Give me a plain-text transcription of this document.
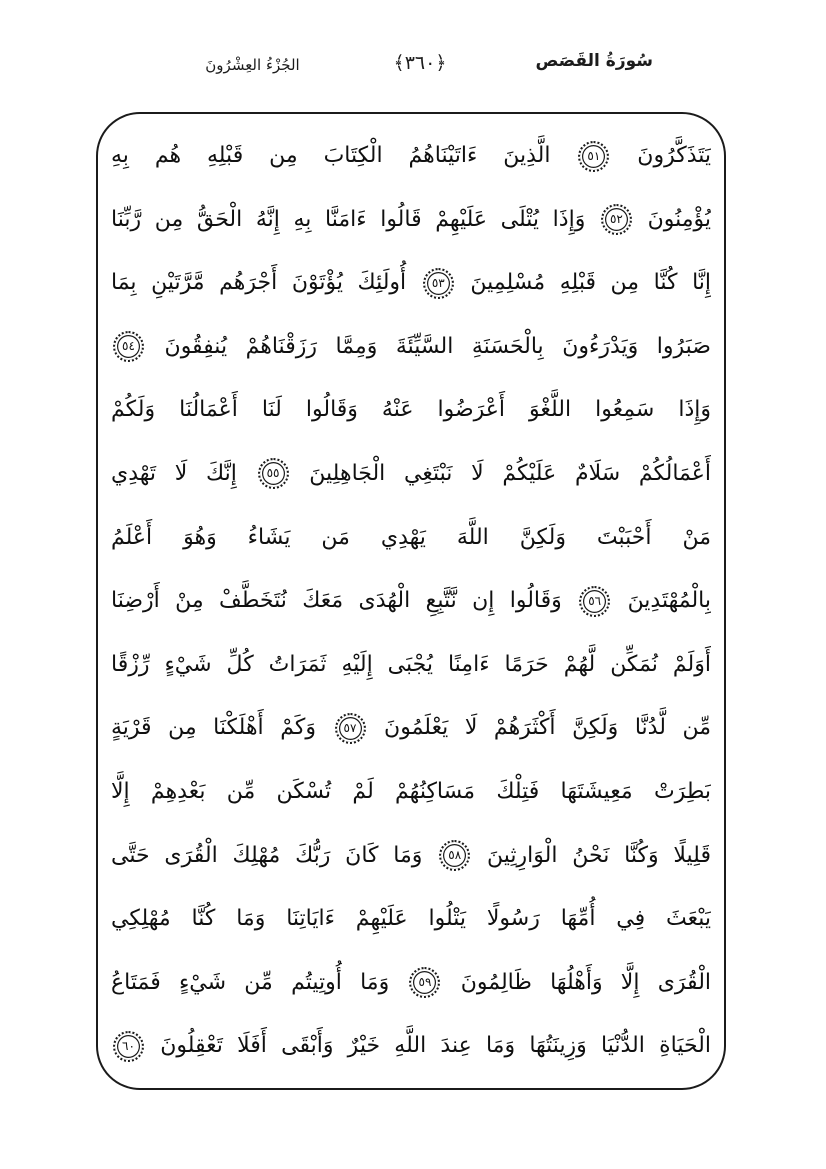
الجُزْءُ العِشْرُونَ	﴿٣٦٠﴾	سُورَةُ القَصَص
يَتَذَكَّرُونَ
٥١
الَّذِينَ ءَاتَيْنَاهُمُ الْكِتَابَ مِن قَبْلِهِ هُم بِهِ
يُؤْمِنُونَ
٥٢
وَإِذَا يُتْلَى عَلَيْهِمْ قَالُوا ءَامَنَّا بِهِ إِنَّهُ الْحَقُّ مِن رَّبِّنَا
إِنَّا كُنَّا مِن قَبْلِهِ مُسْلِمِينَ
٥٣
أُولَئِكَ يُؤْتَوْنَ أَجْرَهُم مَّرَّتَيْنِ بِمَا
صَبَرُوا وَيَدْرَءُونَ بِالْحَسَنَةِ السَّيِّئَةَ وَمِمَّا رَزَقْنَاهُمْ يُنفِقُونَ
٥٤
وَإِذَا سَمِعُوا اللَّغْوَ أَعْرَضُوا عَنْهُ وَقَالُوا لَنَا أَعْمَالُنَا وَلَكُمْ
أَعْمَالُكُمْ سَلَامٌ عَلَيْكُمْ لَا نَبْتَغِي الْجَاهِلِينَ
٥٥
إِنَّكَ لَا تَهْدِي
مَنْ أَحْبَبْتَ وَلَكِنَّ اللَّهَ يَهْدِي مَن يَشَاءُ وَهُوَ أَعْلَمُ
بِالْمُهْتَدِينَ
٥٦
وَقَالُوا إِن نَّتَّبِعِ الْهُدَى مَعَكَ نُتَخَطَّفْ مِنْ أَرْضِنَا
أَوَلَمْ نُمَكِّن لَّهُمْ حَرَمًا ءَامِنًا يُجْبَى إِلَيْهِ ثَمَرَاتُ كُلِّ شَيْءٍ رِّزْقًا
مِّن لَّدُنَّا وَلَكِنَّ أَكْثَرَهُمْ لَا يَعْلَمُونَ
٥٧
وَكَمْ أَهْلَكْنَا مِن قَرْيَةٍ
بَطِرَتْ مَعِيشَتَهَا فَتِلْكَ مَسَاكِنُهُمْ لَمْ تُسْكَن مِّن بَعْدِهِمْ إِلَّا
قَلِيلًا وَكُنَّا نَحْنُ الْوَارِثِينَ
٥٨
وَمَا كَانَ رَبُّكَ مُهْلِكَ الْقُرَى حَتَّى
يَبْعَثَ فِي أُمِّهَا رَسُولًا يَتْلُوا عَلَيْهِمْ ءَايَاتِنَا وَمَا كُنَّا مُهْلِكِي
الْقُرَى إِلَّا وَأَهْلُهَا ظَالِمُونَ
٥٩
وَمَا أُوتِيتُم مِّن شَيْءٍ فَمَتَاعُ
الْحَيَاةِ الدُّنْيَا وَزِينَتُهَا وَمَا عِندَ اللَّهِ خَيْرٌ وَأَبْقَى أَفَلَا تَعْقِلُونَ
٦٠
